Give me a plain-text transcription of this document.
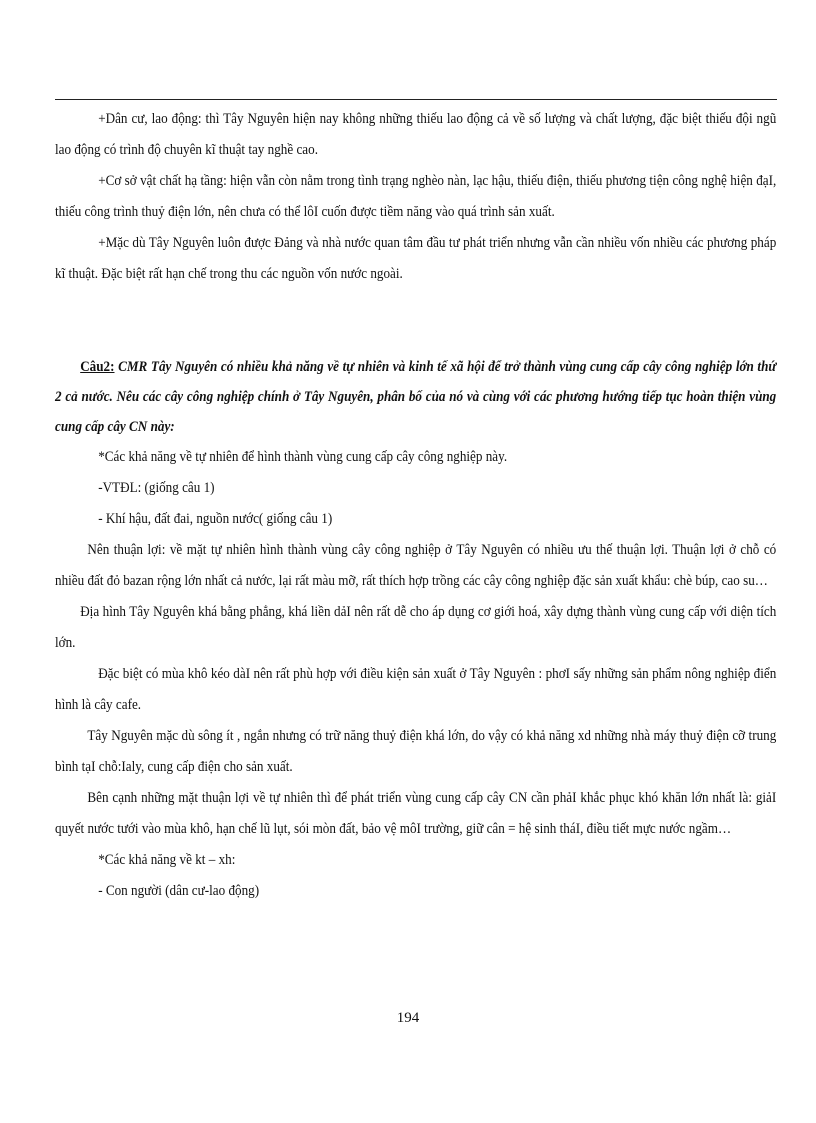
+Dân cư, lao động: thì Tây Nguyên hiện nay không những thiếu lao động cả về số lượng và chất lượng, đặc biệt thiếu đội ngũ lao động có trình độ chuyên kĩ thuật tay nghề cao.

+Cơ sở vật chất hạ tầng: hiện vẫn còn nằm trong tình trạng nghèo nàn, lạc hậu, thiếu điện, thiếu phương tiện công nghệ hiện đạI, thiếu công trình thuỷ điện lớn, nên chưa có thể lôI cuốn được tiềm năng vào quá trình sản xuất.

+Mặc dù Tây Nguyên luôn được Đảng và nhà nước quan tâm đầu tư phát triển nhưng vẫn cần nhiều vốn nhiều các phương pháp kĩ thuật. Đặc biệt rất hạn chế trong thu các nguồn vốn nước ngoài.

Câu2: CMR Tây Nguyên có nhiều khả năng về tự nhiên và kinh tế xã hội để trở thành vùng cung cấp cây công nghiệp lớn thứ 2 cả nước. Nêu các cây công nghiệp chính ở Tây Nguyên, phân bố của nó và cùng với các phương hướng tiếp tục hoàn thiện vùng cung cấp cây CN này:

*Các khả năng về tự nhiên để hình thành vùng cung cấp cây công nghiệp này.

-VTĐL: (giống câu 1)

- Khí hậu, đất đai, nguồn nước( giống câu 1)

Nên thuận lợi: về mặt tự nhiên hình thành vùng cây công nghiệp ở Tây Nguyên có nhiều ưu thế thuận lợi. Thuận lợi ở chỗ có nhiều đất đỏ bazan rộng lớn nhất cả nước, lại rất màu mỡ, rất thích hợp trồng các cây công nghiệp đặc sản xuất khẩu: chè búp, cao su…

Địa hình Tây Nguyên khá bằng phẳng, khá liền dảI nên rất dễ cho áp dụng cơ giới hoá, xây dựng thành vùng cung cấp với diện tích lớn.

Đặc biệt có mùa khô kéo dàI nên rất phù hợp với điều kiện sản xuất ở Tây Nguyên : phơI sấy những sản phẩm nông nghiệp điển hình là cây cafe.

Tây Nguyên mặc dù sông ít , ngắn nhưng có trữ năng thuỷ điện khá lớn, do vậy có khả năng xd những nhà máy thuỷ điện cỡ trung bình tạI chỗ:Ialy, cung cấp điện cho sản xuất.

Bên cạnh những mặt thuận lợi về tự nhiên thì để phát triển vùng cung cấp cây CN cần phảI khắc phục khó khăn lớn nhất là: giảI quyết nước tưới vào mùa khô, hạn chế lũ lụt, sói mòn đất, bảo vệ môI trường, giữ cân = hệ sinh tháI, điều tiết mực nước ngầm…

*Các khả năng về kt – xh:

- Con người (dân cư-lao động)

194
